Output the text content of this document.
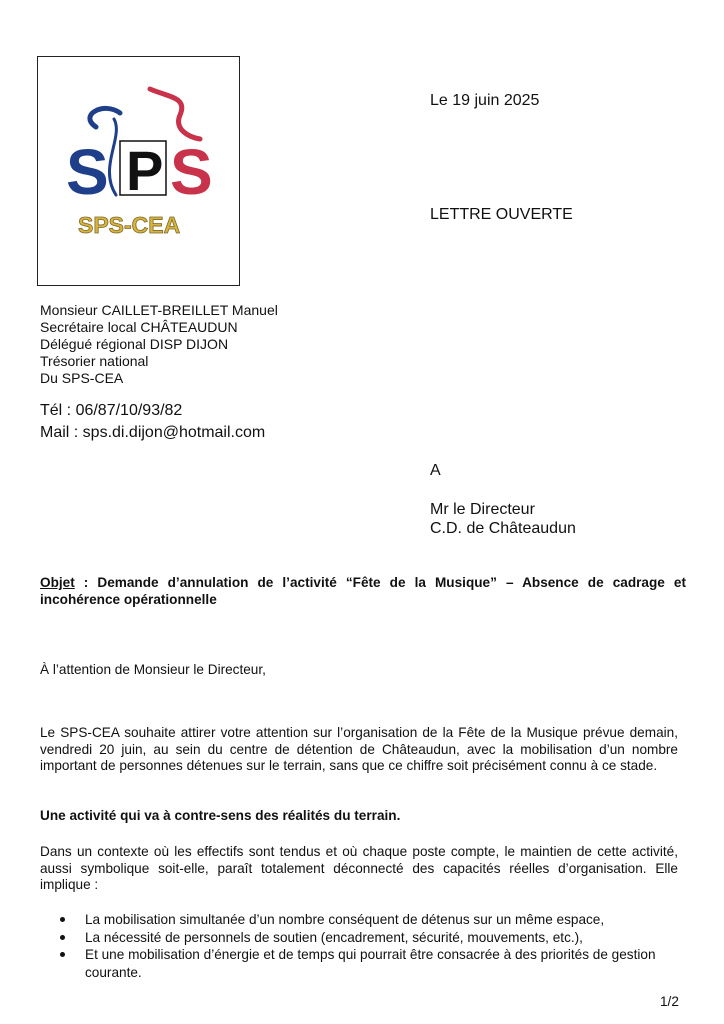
S P S
SPS-CEA
Le 19 juin 2025
LETTRE OUVERTE
Monsieur CAILLET-BREILLET Manuel
Secrétaire local CHÂTEAUDUN
Délégué régional DISP DIJON
Trésorier national
Du SPS-CEA
Tél : 06/87/10/93/82
Mail : sps.di.dijon@hotmail.com
A
Mr le Directeur
C.D. de Châteaudun
Objet : Demande d’annulation de l’activité “Fête de la Musique” – Absence de cadrage et incohérence opérationnelle
À l’attention de Monsieur le Directeur,
Le SPS-CEA souhaite attirer votre attention sur l’organisation de la Fête de la Musique prévue demain, vendredi 20 juin, au sein du centre de détention de Châteaudun, avec la mobilisation d’un nombre important de personnes détenues sur le terrain, sans que ce chiffre soit précisément connu à ce stade.
Une activité qui va à contre-sens des réalités du terrain.
Dans un contexte où les effectifs sont tendus et où chaque poste compte, le maintien de cette activité, aussi symbolique soit-elle, paraît totalement déconnecté des capacités réelles d’organisation. Elle implique :
La mobilisation simultanée d’un nombre conséquent de détenus sur un même espace,
La nécessité de personnels de soutien (encadrement, sécurité, mouvements, etc.),
Et une mobilisation d’énergie et de temps qui pourrait être consacrée à des priorités de gestion courante.
1/2
